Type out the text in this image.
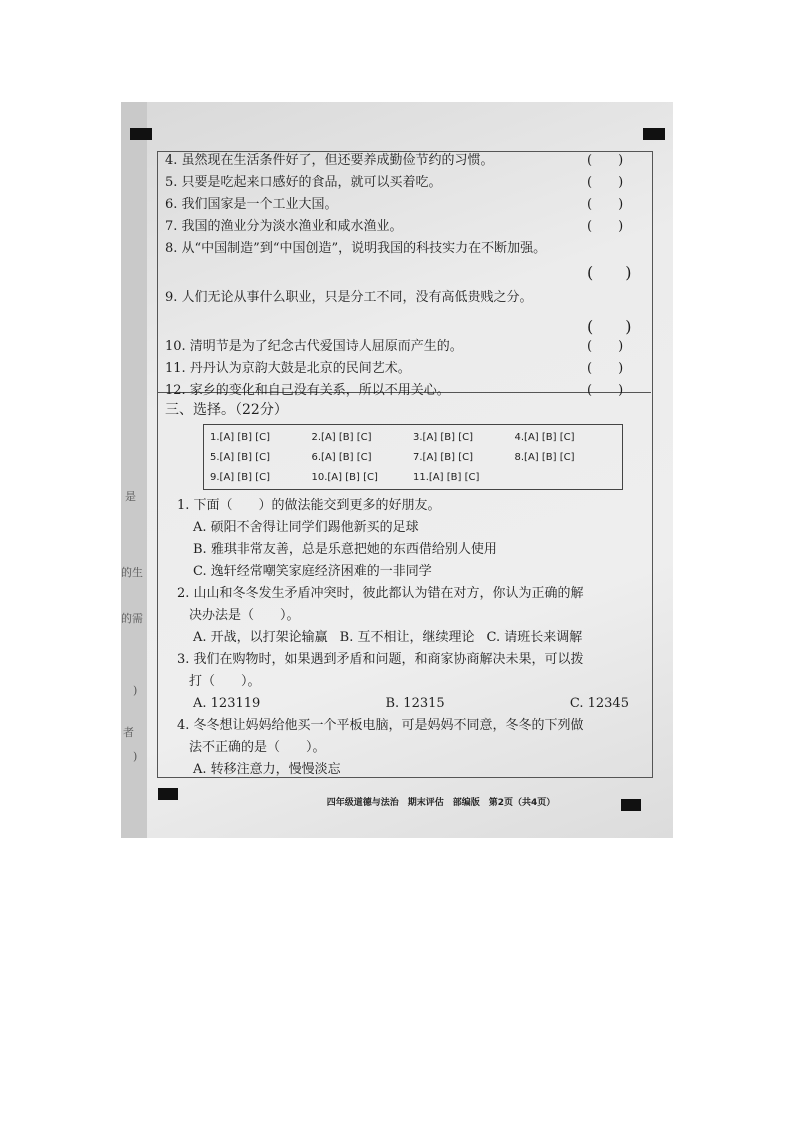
是
的生
的需
)
者
)
4. 虽然现在生活条件好了，但还要养成勤俭节约的习惯。	(　　)
5. 只要是吃起来口感好的食品，就可以买着吃。	(　　)
6. 我们国家是一个工业大国。	(　　)
7. 我国的渔业分为淡水渔业和咸水渔业。	(　　)
8. 从“中国制造”到“中国创造”，说明我国的科技实力在不断加强。
(　　)
9. 人们无论从事什么职业，只是分工不同，没有高低贵贱之分。
(　　)
10. 清明节是为了纪念古代爱国诗人屈原而产生的。	(　　)
11. 丹丹认为京韵大鼓是北京的民间艺术。	(　　)
12. 家乡的变化和自己没有关系，所以不用关心。	(　　)
三、选择。（22分）
1.[A] [B] [C]	2.[A] [B] [C]	3.[A] [B] [C]	4.[A] [B] [C]
5.[A] [B] [C]	6.[A] [B] [C]	7.[A] [B] [C]	8.[A] [B] [C]
9.[A] [B] [C]	10.[A] [B] [C]	11.[A] [B] [C]
1. 下面（　　）的做法能交到更多的好朋友。
A. 硕阳不舍得让同学们踢他新买的足球
B. 雅琪非常友善，总是乐意把她的东西借给别人使用
C. 逸轩经常嘲笑家庭经济困难的一非同学
2. 山山和冬冬发生矛盾冲突时，彼此都认为错在对方，你认为正确的解
决办法是（　　）。
A. 开战，以打架论输赢 B. 互不相让，继续理论 C. 请班长来调解
3. 我们在购物时，如果遇到矛盾和问题，和商家协商解决未果，可以拨
打（　　）。
A. 123119	B. 12315	C. 12345
4. 冬冬想让妈妈给他买一个平板电脑，可是妈妈不同意，冬冬的下列做
法不正确的是（　　）。
A. 转移注意力，慢慢淡忘
四年级道德与法治　期末评估　部编版　第2页（共4页）
